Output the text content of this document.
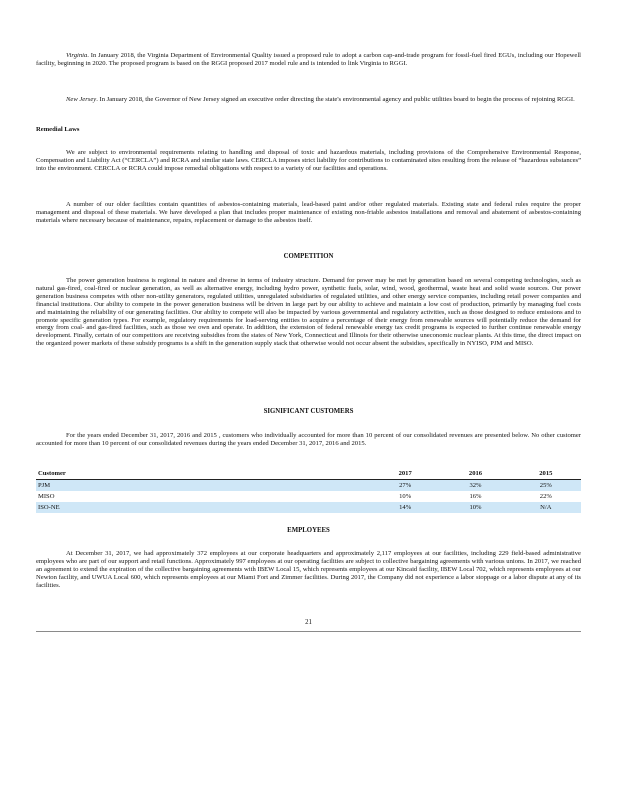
Virginia. In January 2018, the Virginia Department of Environmental Quality issued a proposed rule to adopt a carbon cap-and-trade program for fossil-fuel fired EGUs, including our Hopewell facility, beginning in 2020. The proposed program is based on the RGGI proposed 2017 model rule and is intended to link Virginia to RGGI.

New Jersey. In January 2018, the Governor of New Jersey signed an executive order directing the state's environmental agency and public utilities board to begin the process of rejoining RGGI.

Remedial Laws

We are subject to environmental requirements relating to handling and disposal of toxic and hazardous materials, including provisions of the Comprehensive Environmental Response, Compensation and Liability Act (“CERCLA”) and RCRA and similar state laws. CERCLA imposes strict liability for contributions to contaminated sites resulting from the release of “hazardous substances” into the environment. CERCLA or RCRA could impose remedial obligations with respect to a variety of our facilities and operations.

A number of our older facilities contain quantities of asbestos-containing materials, lead-based paint and/or other regulated materials. Existing state and federal rules require the proper management and disposal of these materials. We have developed a plan that includes proper maintenance of existing non-friable asbestos installations and removal and abatement of asbestos-containing materials where necessary because of maintenance, repairs, replacement or damage to the asbestos itself.

COMPETITION

The power generation business is regional in nature and diverse in terms of industry structure. Demand for power may be met by generation based on several competing technologies, such as natural gas-fired, coal-fired or nuclear generation, as well as alternative energy, including hydro power, synthetic fuels, solar, wind, wood, geothermal, waste heat and solid waste sources. Our power generation business competes with other non-utility generators, regulated utilities, unregulated subsidiaries of regulated utilities, and other energy service companies, including retail power companies and financial institutions. Our ability to compete in the power generation business will be driven in large part by our ability to achieve and maintain a low cost of production, primarily by managing fuel costs and maintaining the reliability of our generating facilities. Our ability to compete will also be impacted by various governmental and regulatory activities, such as those designed to reduce emissions and to promote specific generation types. For example, regulatory requirements for load-serving entities to acquire a percentage of their energy from renewable sources will potentially reduce the demand for energy from coal- and gas-fired facilities, such as those we own and operate. In addition, the extension of federal renewable energy tax credit programs is expected to further continue renewable energy development. Finally, certain of our competitors are receiving subsidies from the states of New York, Connecticut and Illinois for their otherwise uneconomic nuclear plants. At this time, the direct impact on the organized power markets of these subsidy programs is a shift in the generation supply stack that otherwise would not occur absent the subsidies, specifically in NYISO, PJM and MISO.

SIGNIFICANT CUSTOMERS

For the years ended December 31, 2017, 2016 and 2015 , customers who individually accounted for more than 10 percent of our consolidated revenues are presented below. No other customer accounted for more than 10 percent of our consolidated revenues during the years ended December 31, 2017, 2016 and 2015.

Customer	2017	2016	2015
PJM	27%	32%	25%
MISO	10%	16%	22%
ISO-NE	14%	10%	N/A

EMPLOYEES

At December 31, 2017, we had approximately 372 employees at our corporate headquarters and approximately 2,117 employees at our facilities, including 229 field-based administrative employees who are part of our support and retail functions. Approximately 997 employees at our operating facilities are subject to collective bargaining agreements with various unions. In 2017, we reached an agreement to extend the expiration of the collective bargaining agreements with IBEW Local 15, which represents employees at our Kincaid facility, IBEW Local 702, which represents employees at our Newton facility, and UWUA Local 600, which represents employees at our Miami Fort and Zimmer facilities. During 2017, the Company did not experience a labor stoppage or a labor dispute at any of its facilities.

21
